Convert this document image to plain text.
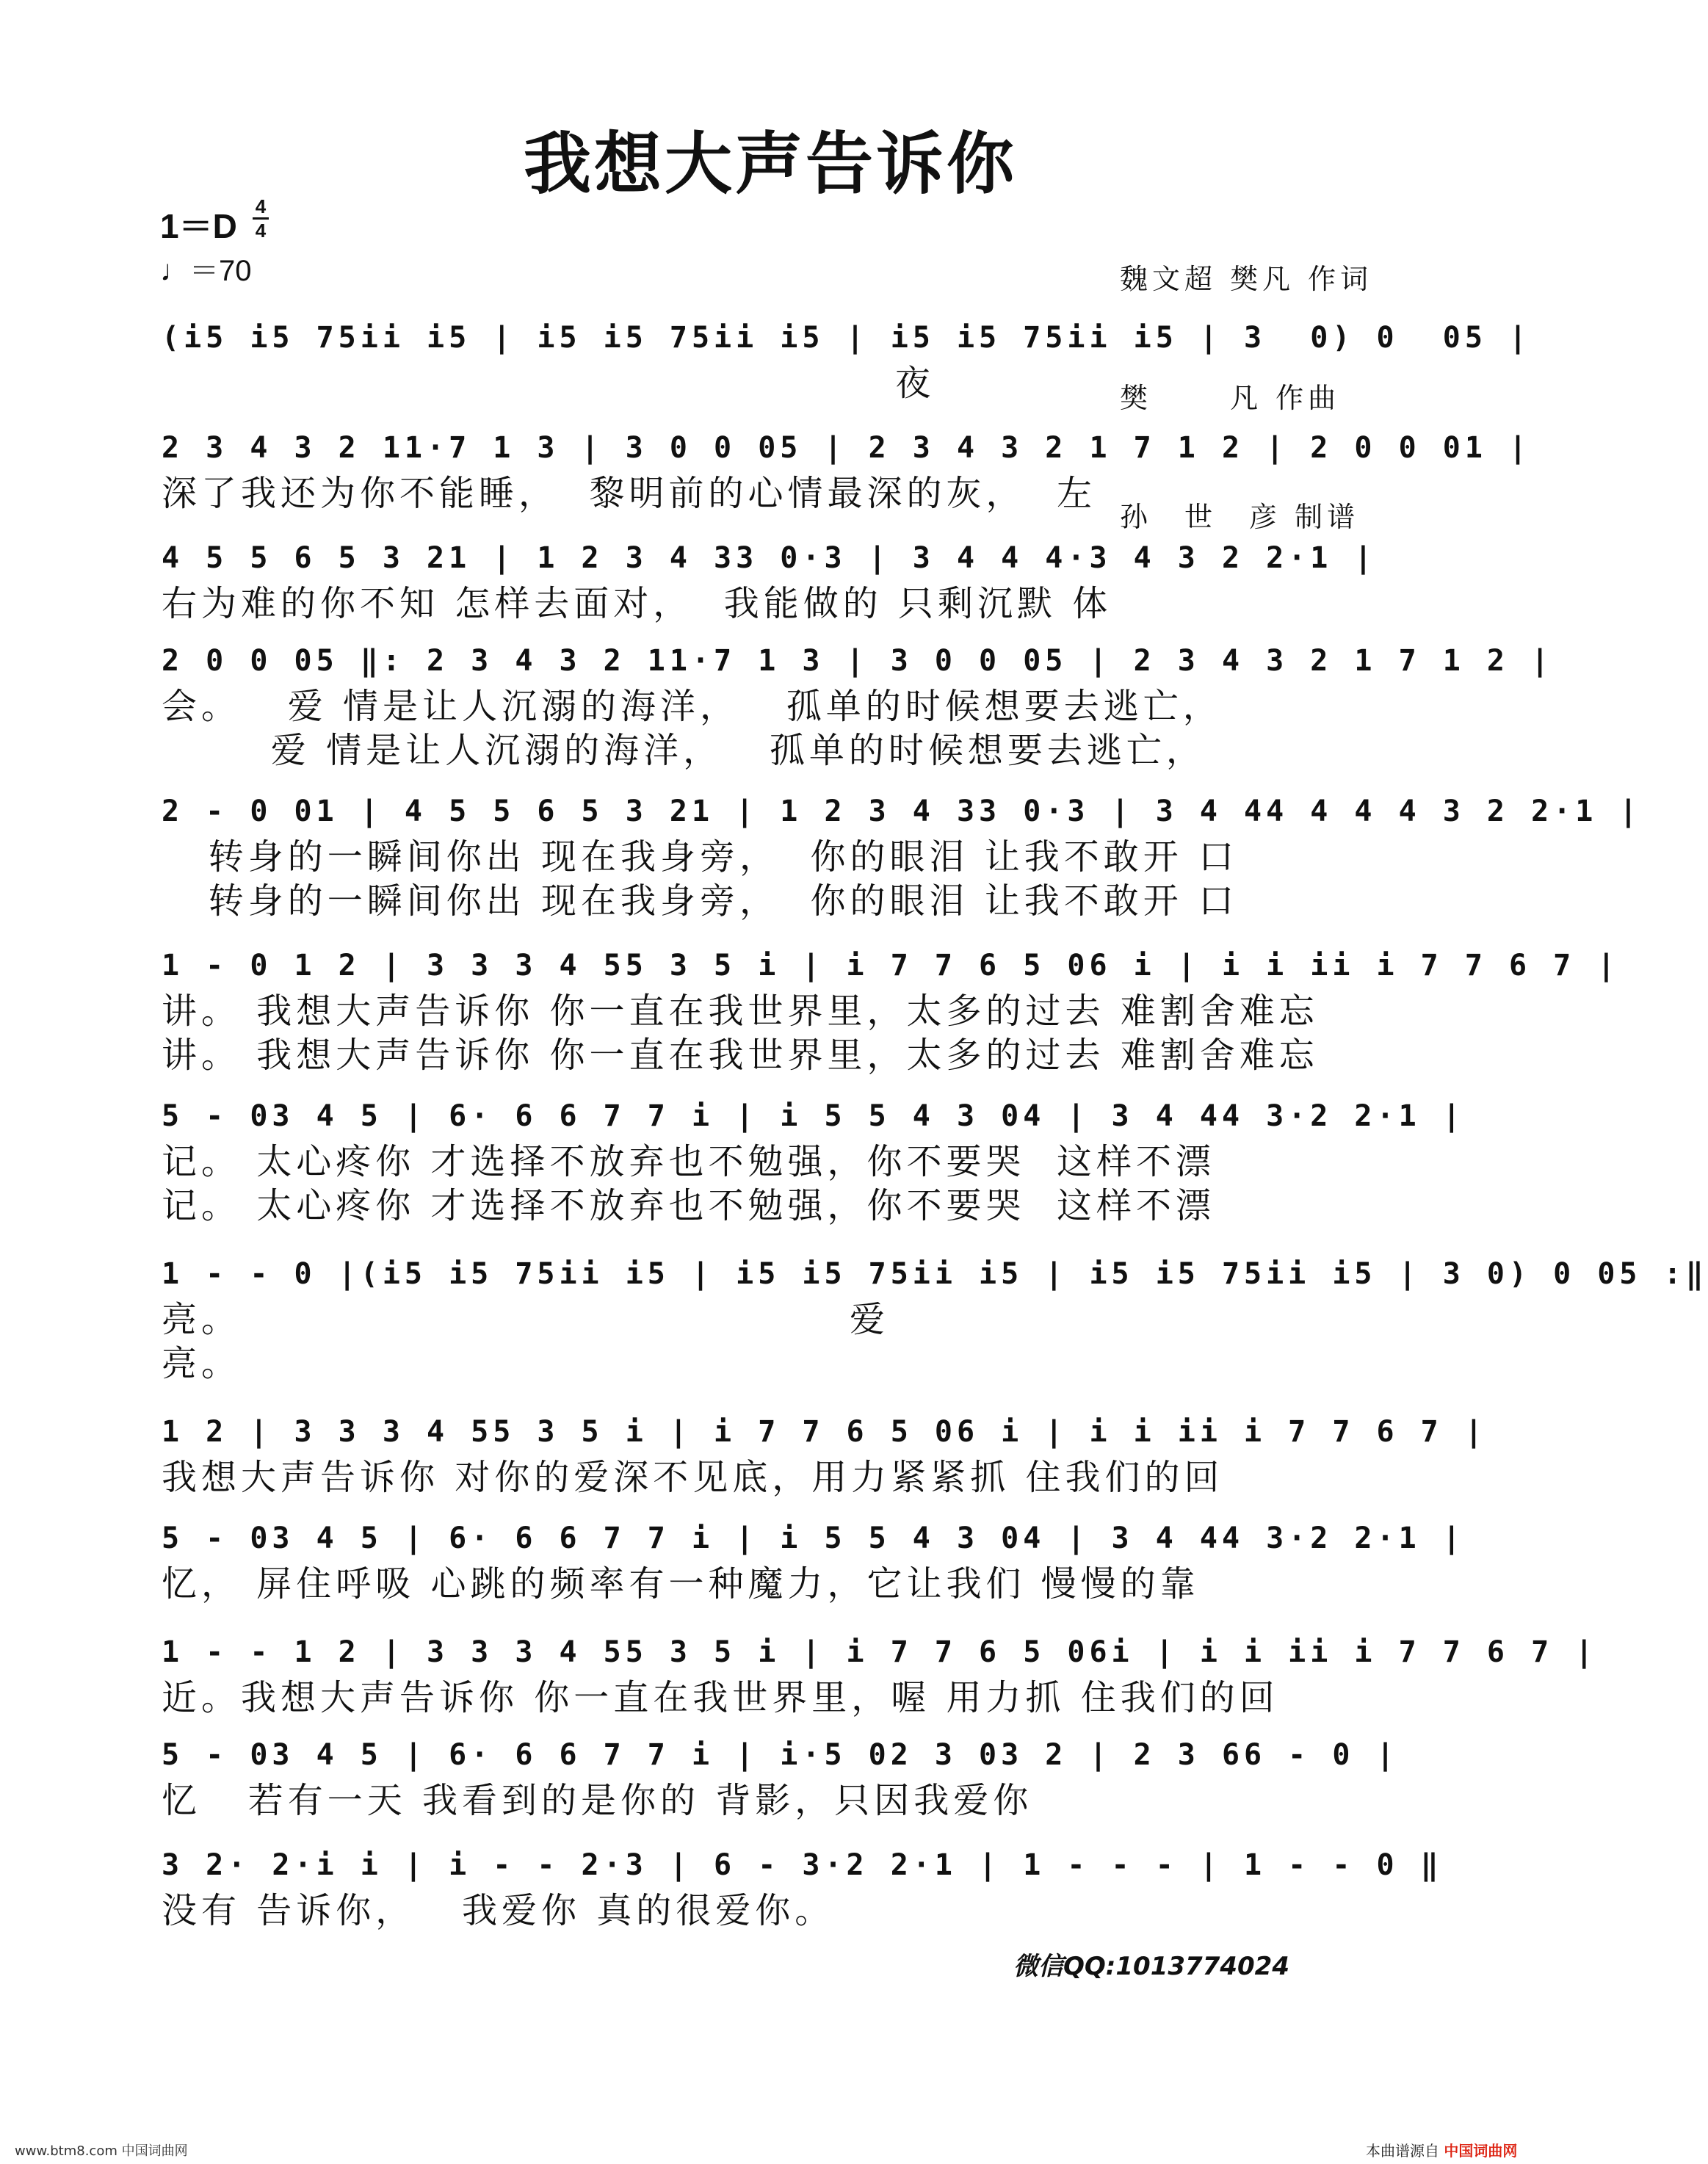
我想大声告诉你

魏文超 樊凡 作词

樊　　 凡 作曲

孙　世　彦 制谱

1＝D
4
4
♩＝70
(i5 i5 75ii i5 | i5 i5 75ii i5 | i5 i5 75ii i5 | 3  0) 0  05 |
夜
2 3 4 3 2 11·7 1 3 | 3 0 0 05 | 2 3 4 3 2 1 7 1 2 | 2 0 0 01 |
深了我还为你不能睡，  黎明前的心情最深的灰，  左
4 5 5 6 5 3 21 | 1 2 3 4 33 0·3 | 3 4 4 4·3 4 3 2 2·1 |
右为难的你不知 怎样去面对，  我能做的 只剩沉默 体
2 0 0 05 ‖: 2 3 4 3 2 11·7 1 3 | 3 0 0 05 | 2 3 4 3 2 1 7 1 2 |
会。   爱 情是让人沉溺的海洋，   孤单的时候想要去逃亡，
爱 情是让人沉溺的海洋，   孤单的时候想要去逃亡，
2 - 0 01 | 4 5 5 6 5 3 21 | 1 2 3 4 33 0·3 | 3 4 44 4 4 4 3 2 2·1 |
转身的一瞬间你出 现在我身旁，  你的眼泪 让我不敢开 口
转身的一瞬间你出 现在我身旁，  你的眼泪 让我不敢开 口
1 - 0 1 2 | 3 3 3 4 55 3 5 i | i 7 7 6 5 06 i | i i ii i 7 7 6 7 |
讲。 我想大声告诉你 你一直在我世界里，太多的过去 难割舍难忘
讲。 我想大声告诉你 你一直在我世界里，太多的过去 难割舍难忘
5 - 03 4 5 | 6· 6 6 7 7 i | i 5 5 4 3 04 | 3 4 44 3·2 2·1 |
记。 太心疼你 才选择不放弃也不勉强，你不要哭  这样不漂
记。 太心疼你 才选择不放弃也不勉强，你不要哭  这样不漂
1 - - 0 |(i5 i5 75ii i5 | i5 i5 75ii i5 | i5 i5 75ii i5 | 3 0) 0 05 :‖
亮。                                       爱
亮。
1 2 | 3 3 3 4 55 3 5 i | i 7 7 6 5 06 i | i i ii i 7 7 6 7 |
我想大声告诉你 对你的爱深不见底，用力紧紧抓 住我们的回
5 - 03 4 5 | 6· 6 6 7 7 i | i 5 5 4 3 04 | 3 4 44 3·2 2·1 |
忆， 屏住呼吸 心跳的频率有一种魔力，它让我们 慢慢的靠
1 - - 1 2 | 3 3 3 4 55 3 5 i | i 7 7 6 5 06i | i i ii i 7 7 6 7 |
近。我想大声告诉你 你一直在我世界里，喔 用力抓 住我们的回
5 - 03 4 5 | 6· 6 6 7 7 i | i·5 02 3 03 2 | 2 3 66 - 0 |
忆   若有一天 我看到的是你的 背影，只因我爱你
3 2· 2·i i | i - - 2·3 | 6 - 3·2 2·1 | 1 - - - | 1 - - 0 ‖
没有 告诉你，   我爱你 真的很爱你。
微信QQ:1013774024
www.btm8.com 中国词曲网	本曲谱源自 中国词曲网
